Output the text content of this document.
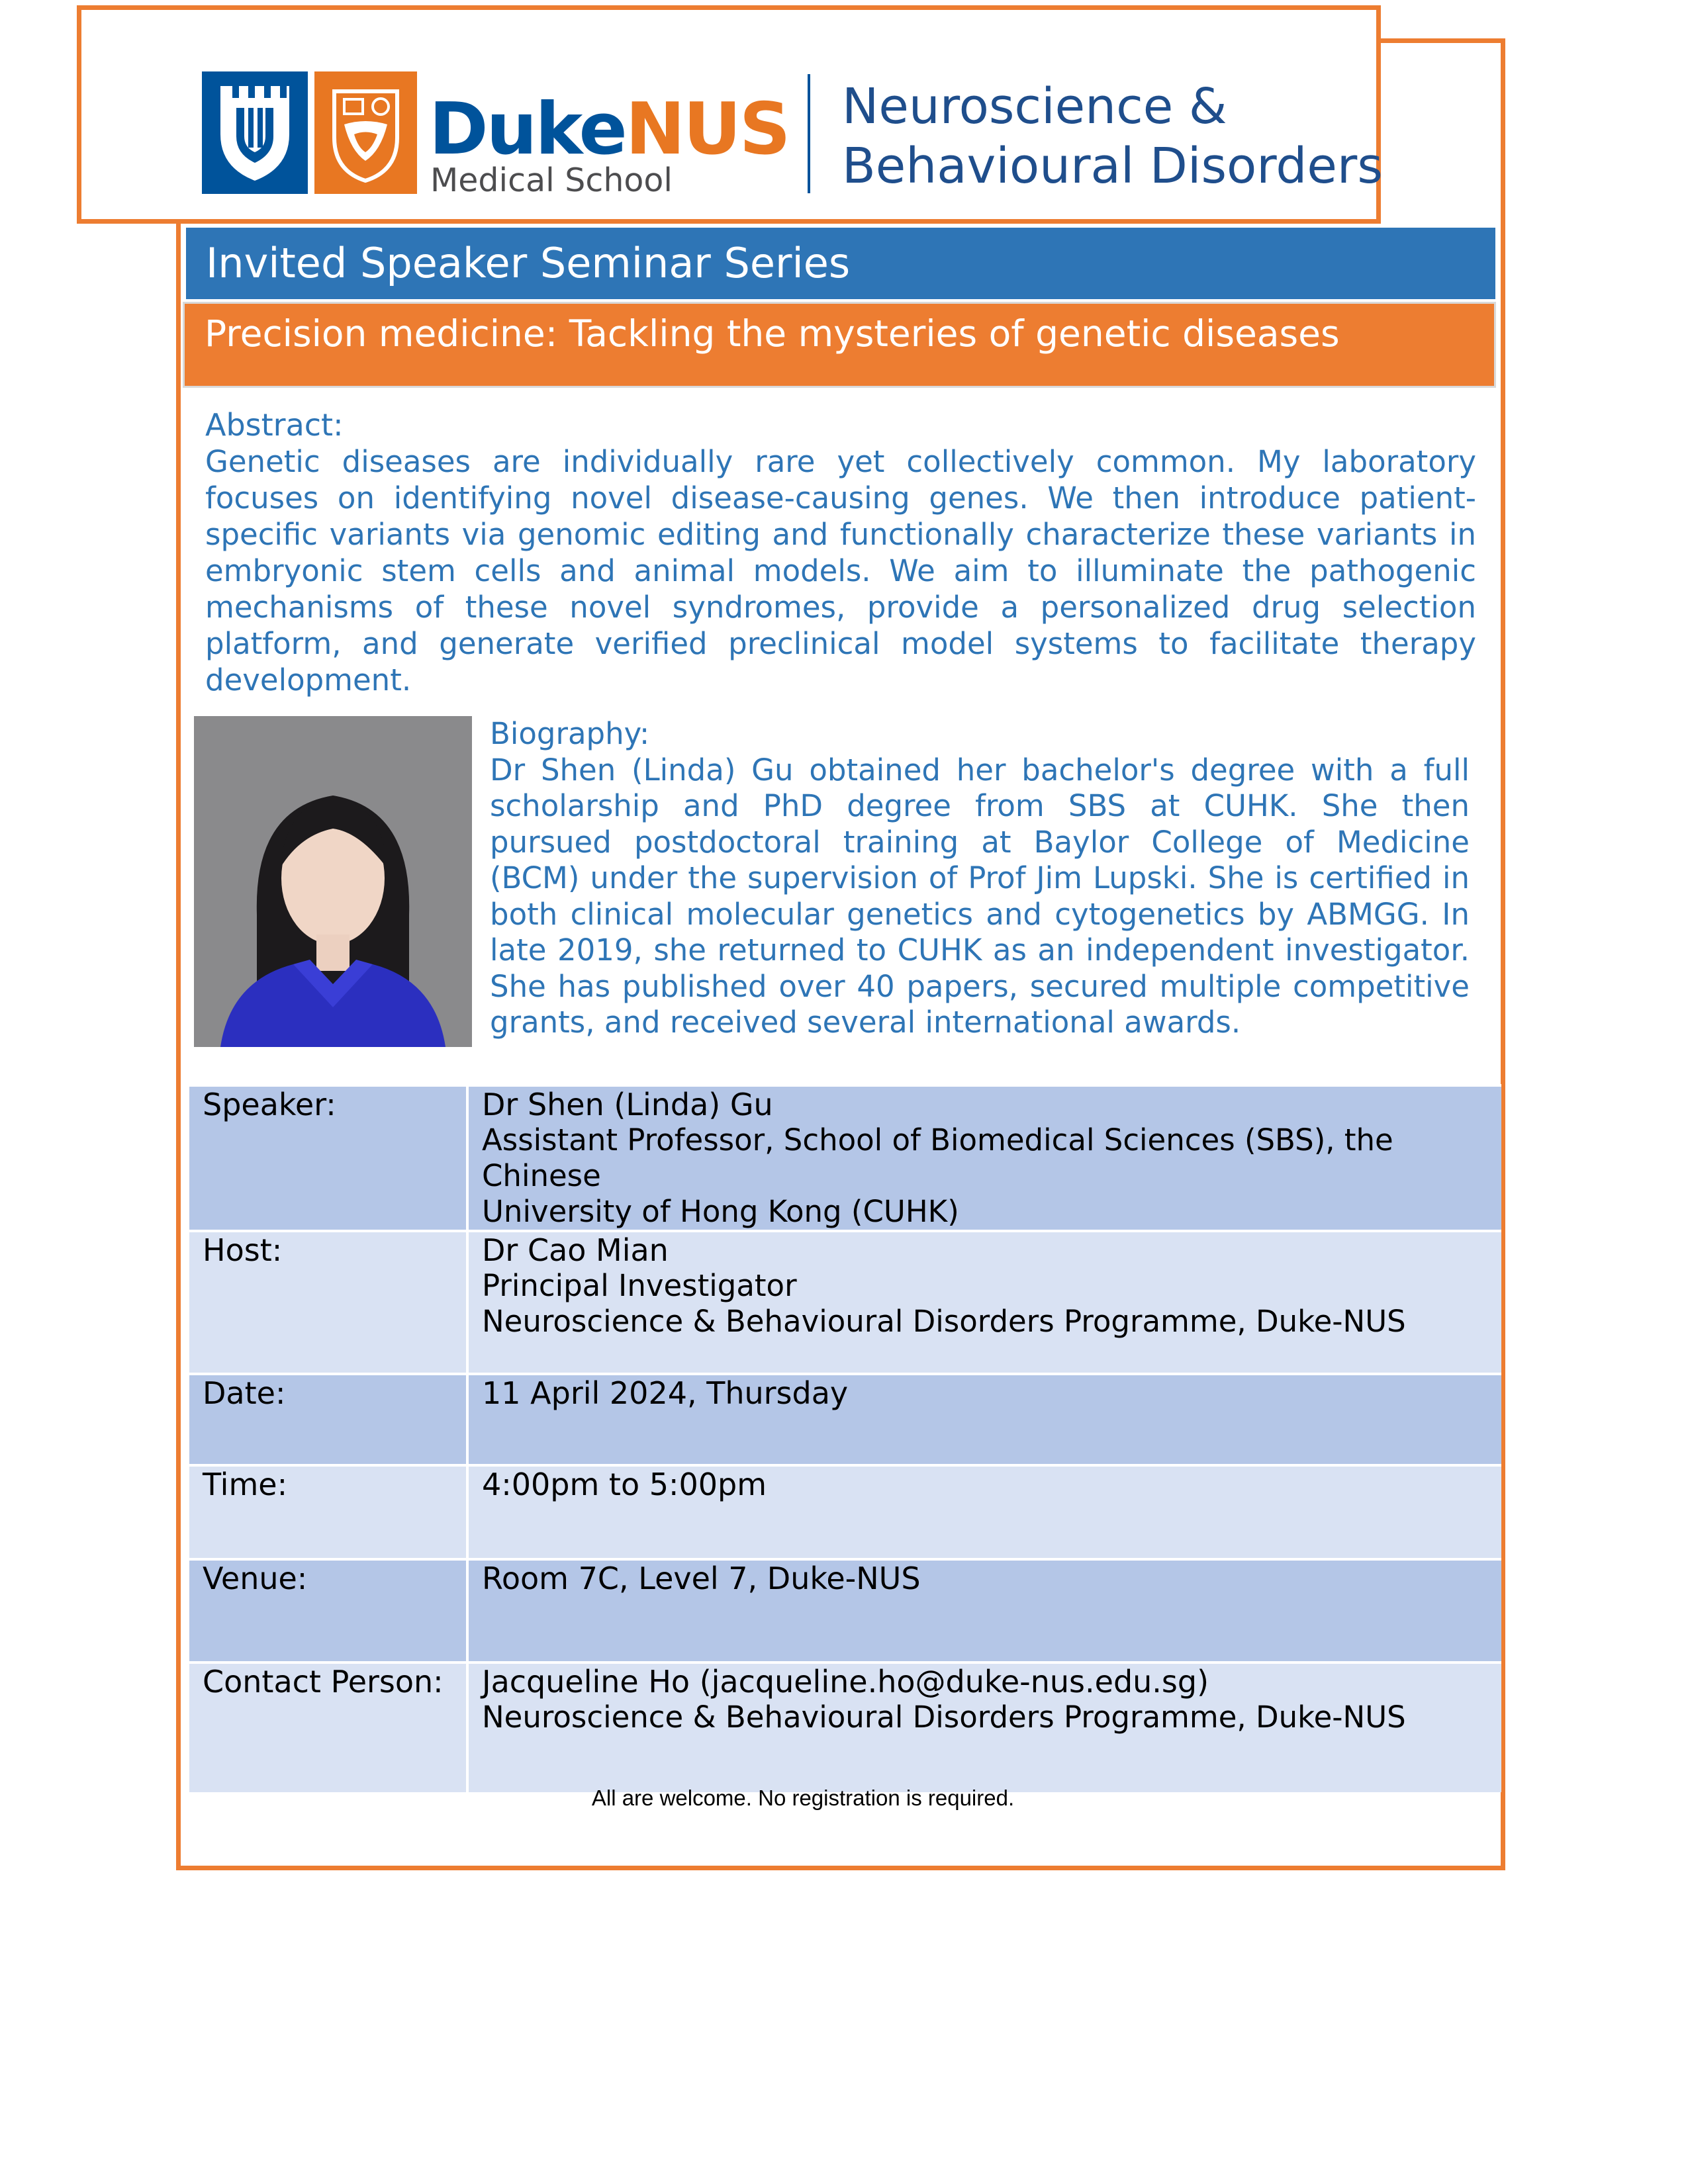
DukeNUS
Medical School
Neuroscience &
Behavioural Disorders
Invited Speaker Seminar Series
Precision medicine: Tackling the mysteries of genetic diseases
Abstract:
Genetic diseases are individually rare yet collectively common. My laboratory focuses on identifying novel disease-causing genes. We then introduce patient-specific variants via genomic editing and functionally characterize these variants in embryonic stem cells and animal models. We aim to illuminate the pathogenic mechanisms of these novel syndromes, provide a personalized drug selection platform, and generate verified preclinical model systems to facilitate therapy development.
Biography:
Dr Shen (Linda) Gu obtained her bachelor's degree with a full scholarship and PhD degree from SBS at CUHK. She then pursued postdoctoral training at Baylor College of Medicine (BCM) under the supervision of Prof Jim Lupski. She is certified in both clinical molecular genetics and cytogenetics by ABMGG. In late 2019, she returned to CUHK as an independent investigator. She has published over 40 papers, secured multiple competitive grants, and received several international awards.
Speaker:	Dr Shen (Linda) Gu
Assistant Professor, School of Biomedical Sciences (SBS), the Chinese
University of Hong Kong (CUHK)

Host:	Dr Cao Mian
Principal Investigator
Neuroscience & Behavioural Disorders Programme, Duke-NUS

Date:	11 April 2024, Thursday
Time:	4:00pm to 5:00pm
Venue:	Room 7C, Level 7, Duke-NUS
Contact Person:	Jacqueline Ho (jacqueline.ho@duke-nus.edu.sg)
Neuroscience & Behavioural Disorders Programme, Duke-NUS
All are welcome. No registration is required.
